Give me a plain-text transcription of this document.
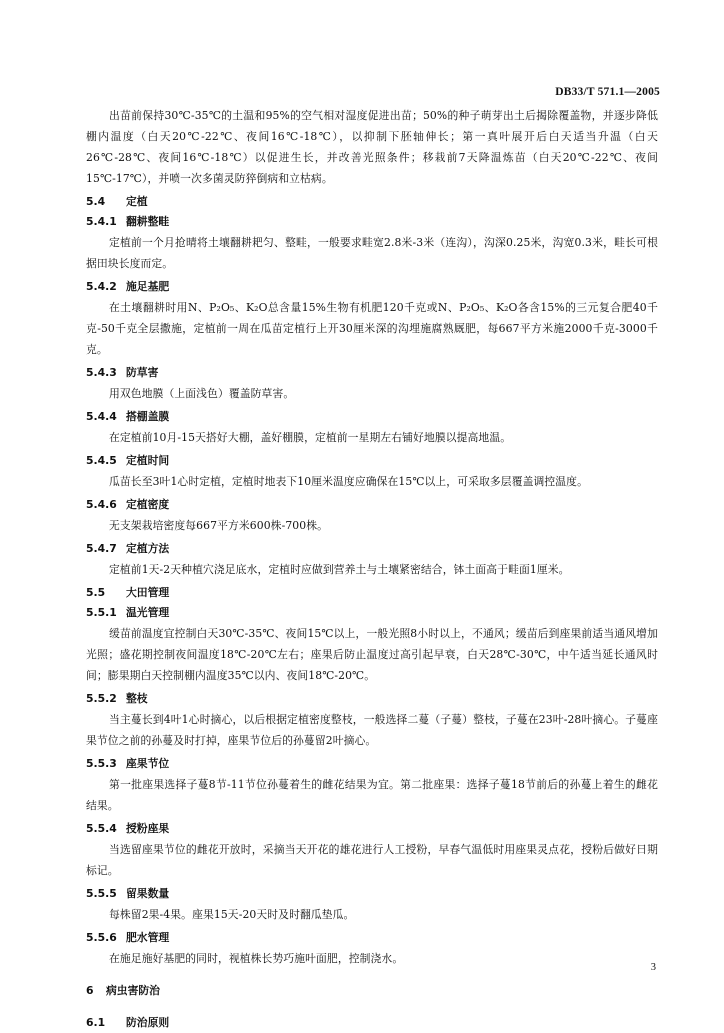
DB33/T 571.1—2005

出苗前保持30℃-35℃的土温和95%的空气相对湿度促进出苗；50%的种子萌芽出土后揭除覆盖物，并逐步降低棚内温度（白天20℃-22℃、夜间16℃-18℃），以抑制下胚轴伸长；第一真叶展开后白天适当升温（白天26℃-28℃、夜间16℃-18℃）以促进生长，并改善光照条件；移栽前7天降温炼苗（白天20℃-22℃、夜间15℃-17℃），并喷一次多菌灵防猝倒病和立枯病。

5.4 定植
5.4.1 翻耕整畦

定植前一个月抢晴将土壤翻耕耙匀、整畦，一般要求畦宽2.8米-3米（连沟），沟深0.25米，沟宽0.3米，畦长可根据田块长度而定。

5.4.2 施足基肥

在土壤翻耕时用N、P₂O₅、K₂O总含量15%生物有机肥120千克或N、P₂O₅、K₂O各含15%的三元复合肥40千克-50千克全层撒施，定植前一周在瓜苗定植行上开30厘米深的沟埋施腐熟厩肥，每667平方米施2000千克-3000千克。

5.4.3 防草害

用双色地膜（上面浅色）覆盖防草害。

5.4.4 搭棚盖膜

在定植前10月-15天搭好大棚，盖好棚膜，定植前一星期左右铺好地膜以提高地温。

5.4.5 定植时间

瓜苗长至3叶1心时定植，定植时地表下10厘米温度应确保在15℃以上，可采取多层覆盖调控温度。

5.4.6 定植密度

无支架栽培密度每667平方米600株-700株。

5.4.7 定植方法

定植前1天-2天种植穴浇足底水，定植时应做到营养土与土壤紧密结合，钵土面高于畦面1厘米。

5.5 大田管理
5.5.1 温光管理

缓苗前温度宜控制白天30℃-35℃、夜间15℃以上，一般光照8小时以上，不通风；缓苗后到座果前适当通风增加光照；盛花期控制夜间温度18℃-20℃左右；座果后防止温度过高引起早衰，白天28℃-30℃，中午适当延长通风时间；膨果期白天控制棚内温度35℃以内、夜间18℃-20℃。

5.5.2 整枝

当主蔓长到4叶1心时摘心，以后根据定植密度整枝，一般选择二蔓（子蔓）整枝，子蔓在23叶-28叶摘心。子蔓座果节位之前的孙蔓及时打掉，座果节位后的孙蔓留2叶摘心。

5.5.3 座果节位

第一批座果选择子蔓8节-11节位孙蔓着生的雌花结果为宜。第二批座果：选择子蔓18节前后的孙蔓上着生的雌花结果。

5.5.4 授粉座果

当选留座果节位的雌花开放时，采摘当天开花的雄花进行人工授粉，早春气温低时用座果灵点花，授粉后做好日期标记。

5.5.5 留果数量

每株留2果-4果。座果15天-20天时及时翻瓜垫瓜。

5.5.6 肥水管理

在施足施好基肥的同时，视植株长势巧施叶面肥，控制浇水。

6 病虫害防治
6.1 防治原则
3
